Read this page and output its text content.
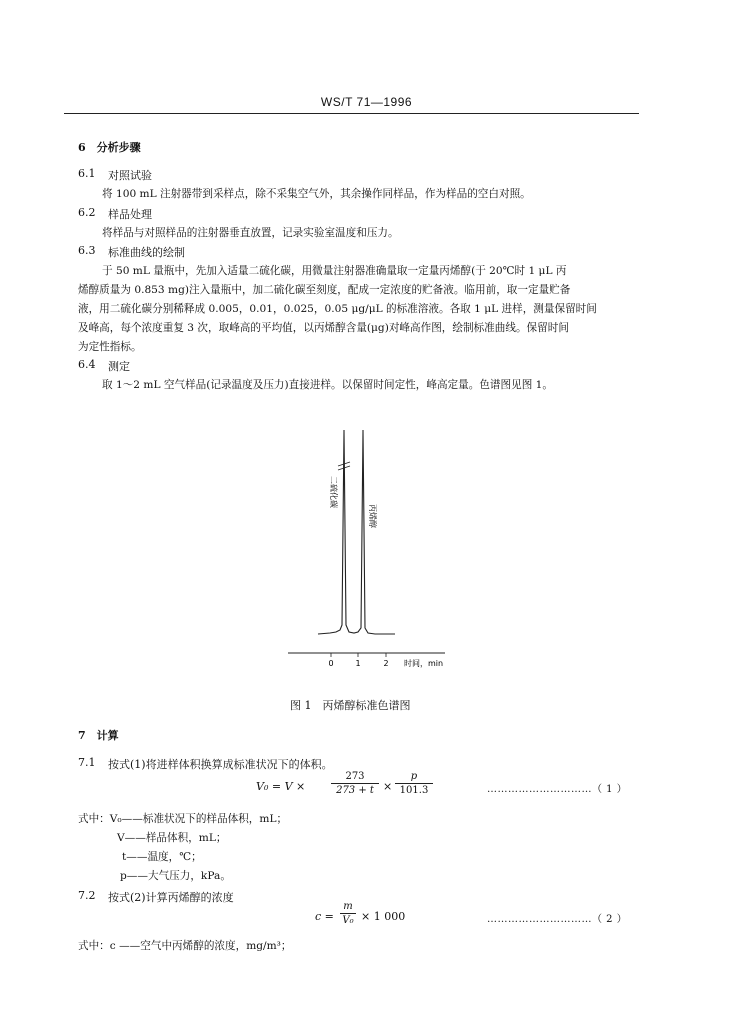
WS/T 71—1996
6　分析步骤
6.1 对照试验
将 100 mL 注射器带到采样点，除不采集空气外，其余操作同样品，作为样品的空白对照。
6.2 样品处理
将样品与对照样品的注射器垂直放置，记录实验室温度和压力。
6.3 标准曲线的绘制
于 50 mL 量瓶中，先加入适量二硫化碳，用微量注射器准确量取一定量丙烯醇(于 20℃时 1 μL 丙
烯醇质量为 0.853 mg)注入量瓶中，加二硫化碳至刻度，配成一定浓度的贮备液。临用前，取一定量贮备
液，用二硫化碳分别稀释成 0.005，0.01，0.025，0.05 μg/μL 的标准溶液。各取 1 μL 进样，测量保留时间
及峰高，每个浓度重复 3 次，取峰高的平均值，以丙烯醇含量(μg)对峰高作图，绘制标准曲线。保留时间
为定性指标。
6.4 测定
取 1～2 mL 空气样品(记录温度及压力)直接进样。以保留时间定性，峰高定量。色谱图见图 1。
0	1	2 时间，min
二硫化碳
丙烯醇
图 1　丙烯醇标准色谱图
7　计算
7.1 按式(1)将进样体积换算成标准状况下的体积。
V₀ = V ×	$\frac{273}{273 + t} \times \frac{p}{101.3}$	…………………………（ 1 ）
式中：V₀——标准状况下的样品体积，mL；
V——样品体积，mL；
t——温度，℃；
p——大气压力，kPa。
7.2 按式(2)计算丙烯醇的浓度
$c = \frac{m}{\text{V₀}} \times 1$ 000	…………………………（ 2 ）
式中：c ——空气中丙烯醇的浓度，mg/m³；
